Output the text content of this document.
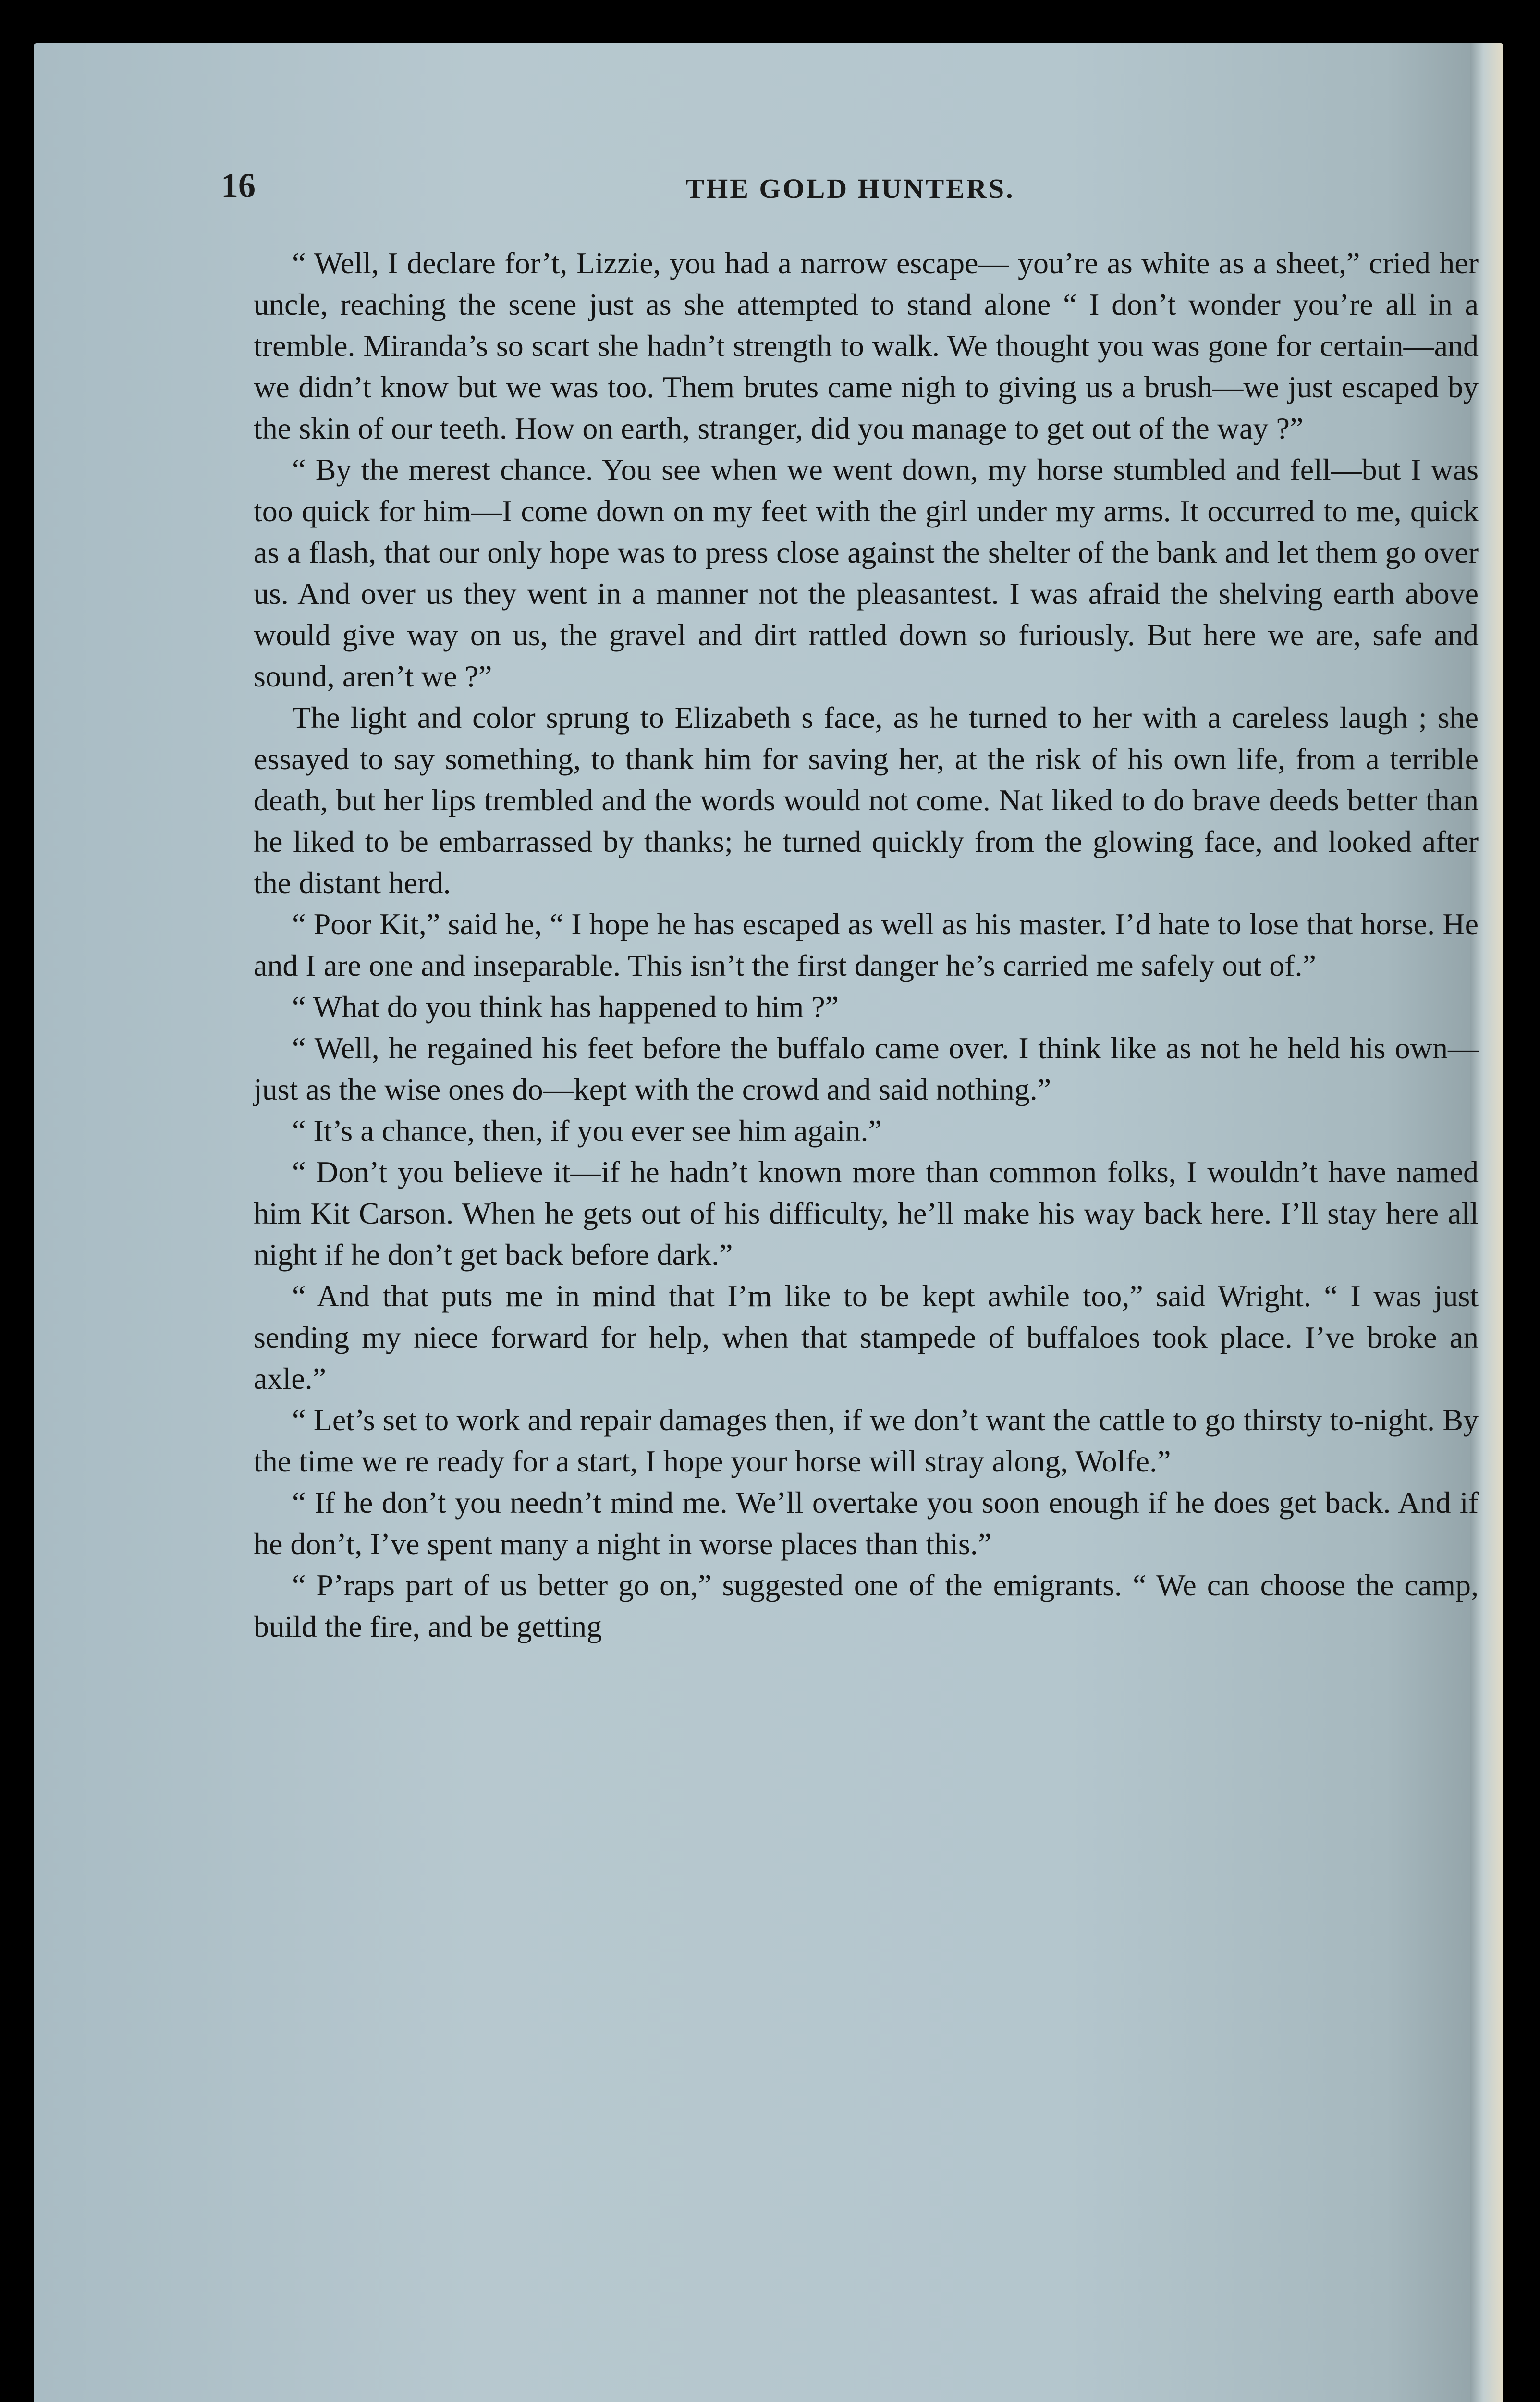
16	THE GOLD HUNTERS.

“ Well, I declare for’t, Lizzie, you had a narrow escape— you’re as white as a sheet,” cried her uncle, reaching the scene just as she attempted to stand alone “ I don’t wonder you’re all in a tremble. Miranda’s so scart she hadn’t strength to walk. We thought you was gone for certain—and we didn’t know but we was too. Them brutes came nigh to giving us a brush—we just escaped by the skin of our teeth. How on earth, stranger, did you manage to get out of the way ?”

“ By the merest chance. You see when we went down, my horse stumbled and fell—but I was too quick for him—I come down on my feet with the girl under my arms. It occurred to me, quick as a flash, that our only hope was to press close against the shelter of the bank and let them go over us. And over us they went in a manner not the pleasantest. I was afraid the shelving earth above would give way on us, the gravel and dirt rattled down so furiously. But here we are, safe and sound, aren’t we ?”

The light and color sprung to Elizabeth s face, as he turned to her with a careless laugh ; she essayed to say something, to thank him for saving her, at the risk of his own life, from a terrible death, but her lips trembled and the words would not come. Nat liked to do brave deeds better than he liked to be embarrassed by thanks; he turned quickly from the glowing face, and looked after the distant herd.

“ Poor Kit,” said he, “ I hope he has escaped as well as his master. I’d hate to lose that horse. He and I are one and inseparable. This isn’t the first danger he’s carried me safely out of.”

“ What do you think has happened to him ?”

“ Well, he regained his feet before the buffalo came over. I think like as not he held his own—just as the wise ones do—kept with the crowd and said nothing.”

“ It’s a chance, then, if you ever see him again.”

“ Don’t you believe it—if he hadn’t known more than common folks, I wouldn’t have named him Kit Carson. When he gets out of his difficulty, he’ll make his way back here. I’ll stay here all night if he don’t get back before dark.”

“ And that puts me in mind that I’m like to be kept awhile too,” said Wright. “ I was just sending my niece forward for help, when that stampede of buffaloes took place. I’ve broke an axle.”

“ Let’s set to work and repair damages then, if we don’t want the cattle to go thirsty to-night. By the time we re ready for a start, I hope your horse will stray along, Wolfe.”

“ If he don’t you needn’t mind me. We’ll overtake you soon enough if he does get back. And if he don’t, I’ve spent many a night in worse places than this.”

“ P’raps part of us better go on,” suggested one of the emigrants. “ We can choose the camp, build the fire, and be getting
